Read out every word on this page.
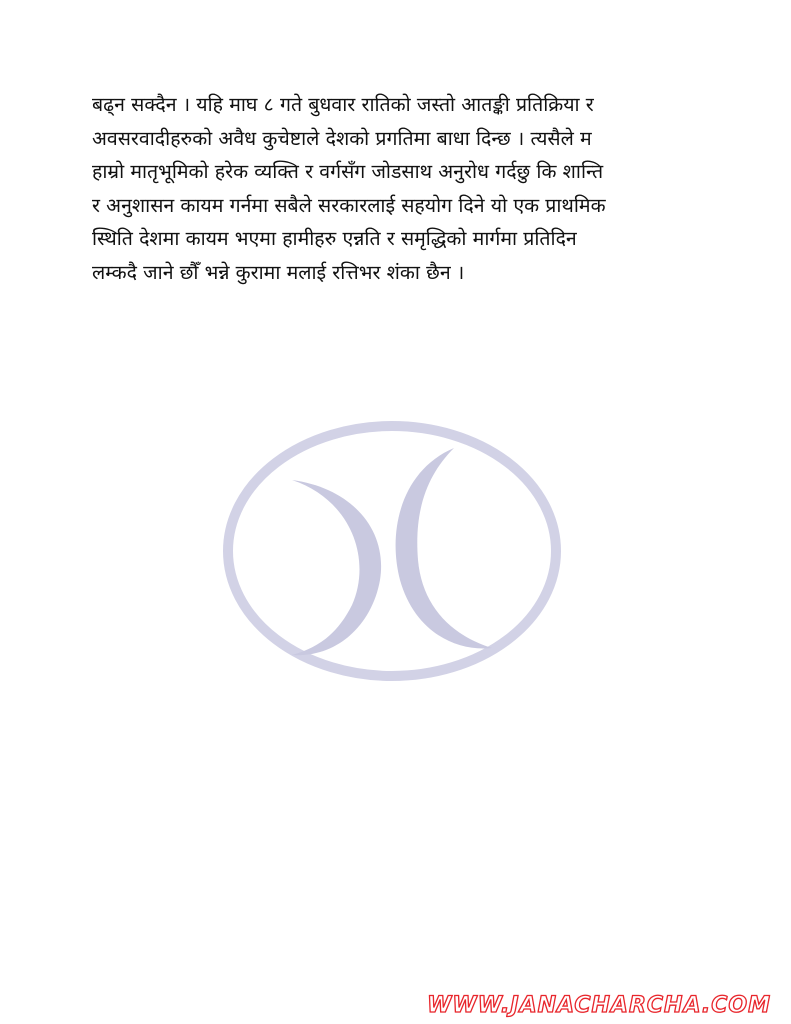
बढ्न सक्दैन । यहि माघ ८ गते बुधवार रातिको जस्तो आतङ्की प्रतिक्रिया र
अवसरवादीहरुको अवैध कुचेष्टाले देशको प्रगतिमा बाधा दिन्छ । त्यसैले म
हाम्रो मातृभूमिको हरेक व्यक्ति र वर्गसँग जोडसाथ अनुरोध गर्दछु कि शान्ति
र अनुशासन कायम गर्नमा सबैले सरकारलाई सहयोग दिने यो एक प्राथमिक
स्थिति देशमा कायम भएमा हामीहरु एन्नति र समृद्धिको मार्गमा प्रतिदिन
लम्कदै जाने छौँ भन्ने कुरामा मलाई रत्तिभर शंका छैन ।
WWW.JANACHARCHA.COM
